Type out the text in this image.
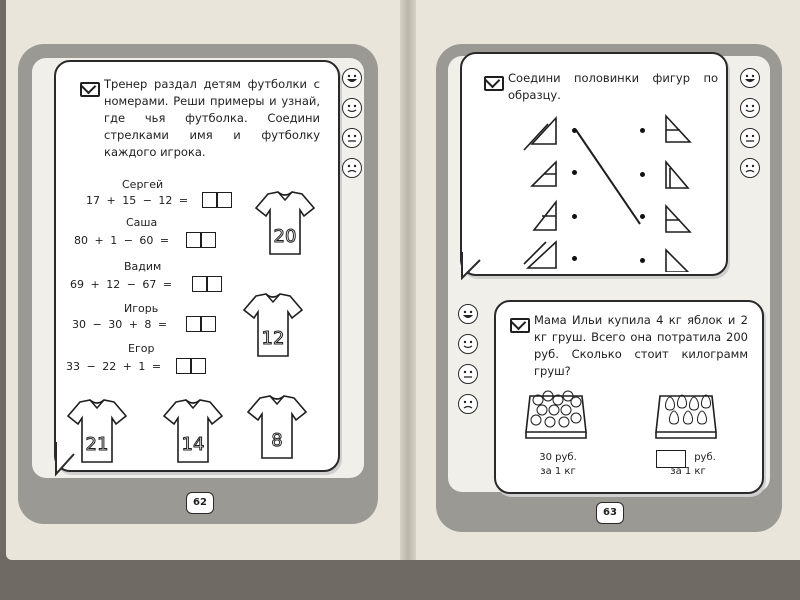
Тренер раздал детям футболки с номерами. Реши примеры и узнай, где чья футболка. Соедини стрелками имя и футболку каждого игрока.
Сергей
17 + 15 − 12 =
Саша
80 + 1 − 60 =
Вадим
69 + 12 − 67 =
Игорь
30 − 30 + 8 =
Егор
33 − 22 + 1 =
20
12
21	14	8
62
Соедини половинки фигур по образцу.
Мама Ильи купила 4 кг яблок и 2 кг груш. Всего она потратила 200 руб. Сколько стоит килограмм груш?
30 руб.
за 1 кг
руб.
за 1 кг
63
